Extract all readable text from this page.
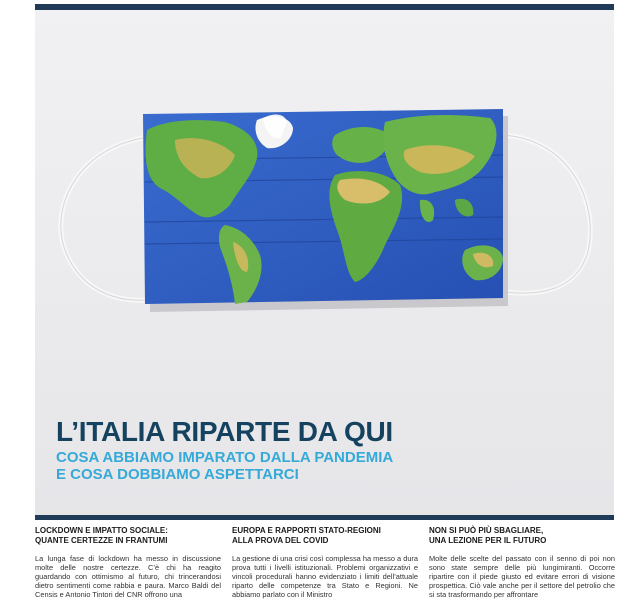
L’ITALIA RIPARTE DA QUI
COSA ABBIAMO IMPARATO DALLA PANDEMIA
E COSA DOBBIAMO ASPETTARCI
LOCKDOWN E IMPATTO SOCIALE:
QUANTE CERTEZZE IN FRANTUMI

La lunga fase di lockdown ha messo in discussione molte delle nostre certezze. C’è chi ha reagito guardando con ottimismo al futuro, chi trincerandosi dietro sentimenti come rabbia e paura. Marco Baldi del Censis e Antonio Tintori del CNR offrono una

EUROPA E RAPPORTI STATO-REGIONI
ALLA PROVA DEL COVID

La gestione di una crisi così complessa ha messo a dura prova tutti i livelli istituzionali. Problemi organizzativi e vincoli procedurali hanno evidenziato i limiti dell’attuale riparto delle competenze tra Stato e Regioni. Ne abbiamo parlato con il Ministro

NON SI PUÒ PIÙ SBAGLIARE,
UNA LEZIONE PER IL FUTURO

Molte delle scelte del passato con il senno di poi non sono state sempre delle più lungimiranti. Occorre ripartire con il piede giusto ed evitare errori di visione prospettica. Ciò vale anche per il settore del petrolio che si sta trasformando per affrontare
